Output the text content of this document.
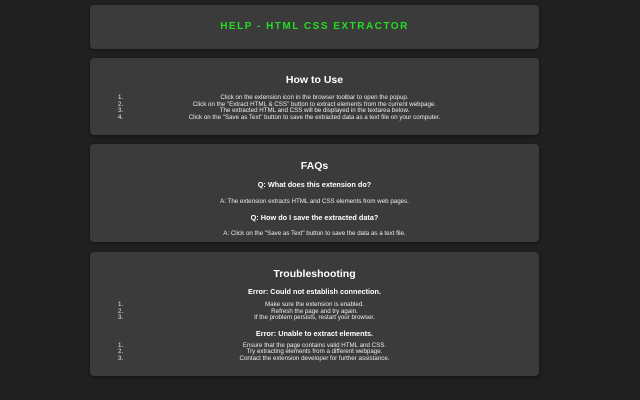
HELP - HTML CSS EXTRACTOR
How to Use
1.	Click on the extension icon in the browser toolbar to open the popup.
2.	Click on the "Extract HTML & CSS" button to extract elements from the current webpage.
3.	The extracted HTML and CSS will be displayed in the textarea below.
4.	Click on the "Save as Text" button to save the extracted data as a text file on your computer.
FAQs

Q: What does this extension do?

A: The extension extracts HTML and CSS elements from web pages.

Q: How do I save the extracted data?

A: Click on the "Save as Text" button to save the data as a text file.

Troubleshooting

Error: Could not establish connection.

1.	Make sure the extension is enabled.
2.	Refresh the page and try again.
3.	If the problem persists, restart your browser.

Error: Unable to extract elements.

1.	Ensure that the page contains valid HTML and CSS.
2.	Try extracting elements from a different webpage.
3.	Contact the extension developer for further assistance.
